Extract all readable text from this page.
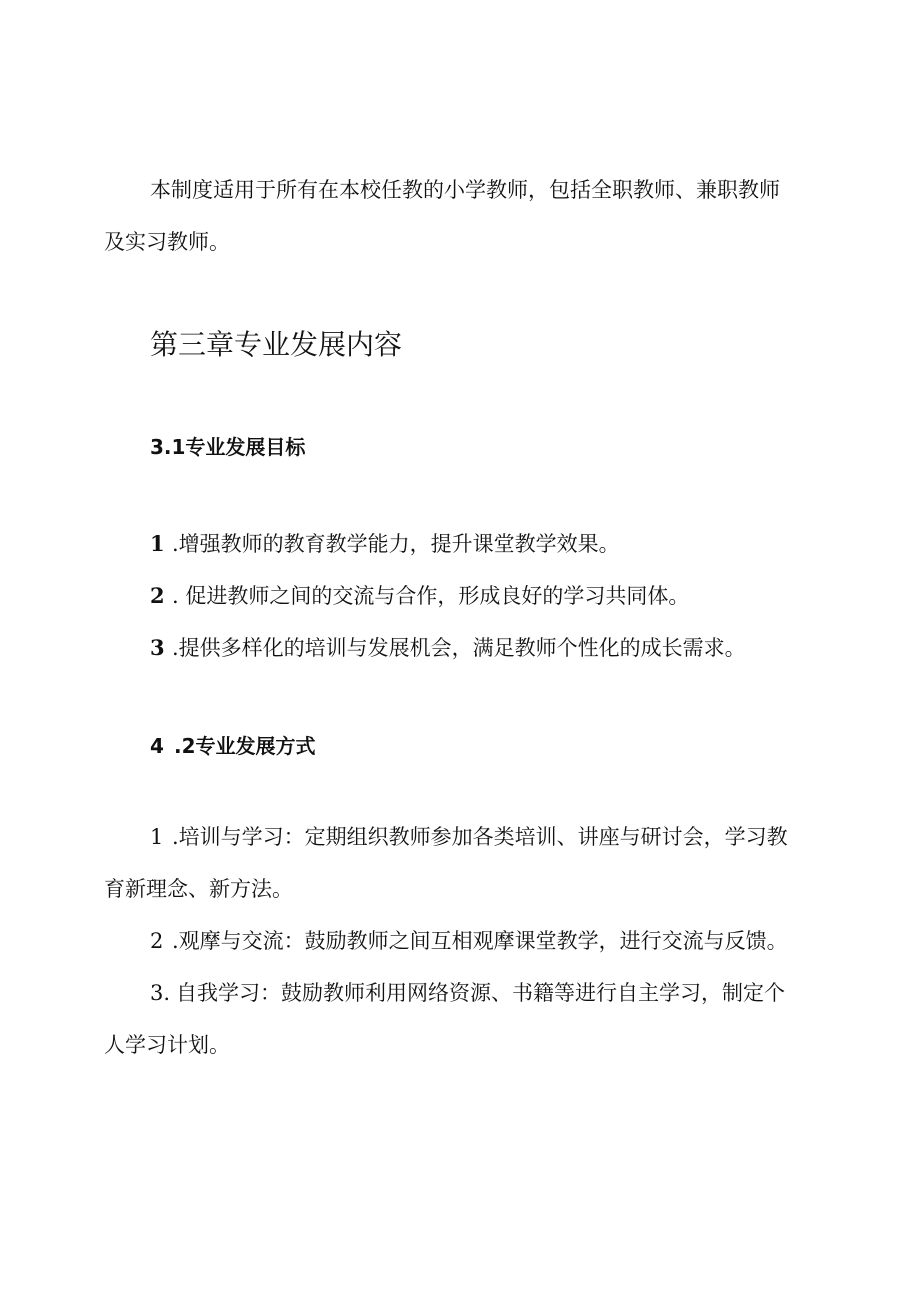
本制度适用于所有在本校任教的小学教师，包括全职教师、兼职教师
及实习教师。
第三章专业发展内容
3.1专业发展目标
1 .增强教师的教育教学能力，提升课堂教学效果。
2 . 促进教师之间的交流与合作，形成良好的学习共同体。
3 .提供多样化的培训与发展机会，满足教师个性化的成长需求。
4 .2专业发展方式
1 .培训与学习：定期组织教师参加各类培训、讲座与研讨会，学习教
育新理念、新方法。
2 .观摩与交流：鼓励教师之间互相观摩课堂教学，进行交流与反馈。
3. 自我学习：鼓励教师利用网络资源、书籍等进行自主学习，制定个
人学习计划。
